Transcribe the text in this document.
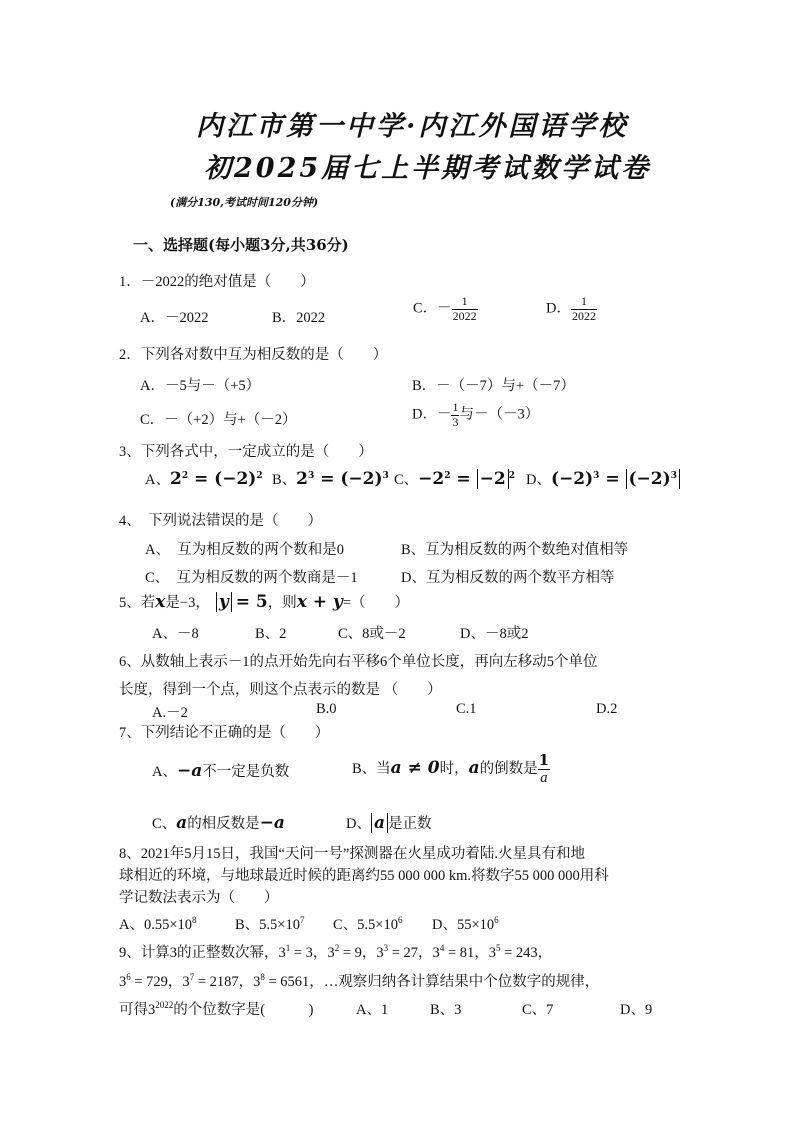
内江市第一中学·内江外国语学校
初2025届七上半期考试数学试卷
(满分130,考试时间120分钟)
一、选择题(每小题3分,共36分)
1．－2022的绝对值是（　　）
A．－2022	B．2022
C．－ $\frac{1}{2022}$	D． $\frac{1}{2022}$
2．下列各对数中互为相反数的是（　　）
A．－5与－（+5）	B．－（－7）与+（－7）
C．－（+2）与+（－2）	D．－ $\frac{1}{3}$ 与－（－3）
3、下列各式中，一定成立的是（　　）
A、$2^2 = (-2)^2$ B、$2^3 = (-2)^3$ C、$-2^2 = -2$ $^2$ D、$(-2)^3 = (-2)^3$
4、　下列说法错误的是（　　）
A、　互为相反数的两个数和是0	B、互为相反数的两个数绝对值相等
C、　互为相反数的两个数商是－1	D、互为相反数的两个数平方相等
5、若x是−3， y = 5，则x + y=（　　）
A、－8	B、2	C、8或－2	D、－8或2
6、从数轴上表示－1的点开始先向右平移6个单位长度，再向左移动5个单位
长度，得到一个点，则这个点表示的数是 （　　）
A.－2	B.0	C.1	D.2
7、下列结论不正确的是（　　）
A、−a不一定是负数	B、当a ≠ 0时，a的倒数是 $\frac{1}{a}$
C、a的相反数是−a	D、 a 是正数
8、2021年5月15日，我国“天问一号”探测器在火星成功着陆.火星具有和地
球相近的环境，与地球最近时候的距离约55 000 000 km.将数字55 000 000用科
学记数法表示为（　　）
A、$0.55\times 10^8$	B、$5.5\times 10^7$ C、$5.5\times 10^6$ D、$55\times 10^6$
9、计算3的正整数次幂，$3^1 = 3$，$3^2 = 9$，$3^3 = 27$，$3^4 = 81$，$3^5 = 243$，
$3^6 = 729$，$3^7 = 2187$，$3^8 = 6561$，…观察归纳各计算结果中个位数字的规律，
可得$3^{2022}$的个位数字是(　　　)	A、1	B、3	C、7	D、9
